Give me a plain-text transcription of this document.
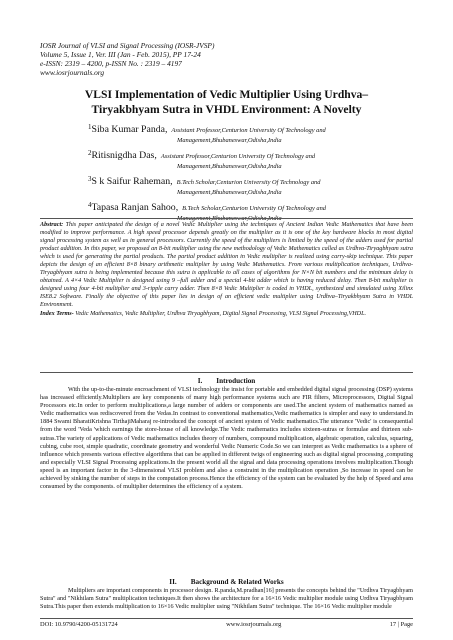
IOSR Journal of VLSI and Signal Processing (IOSR-JVSP)
Volume 5, Issue 1, Ver. III (Jan - Feb. 2015), PP 17-24
e-ISSN: 2319 – 4200, p-ISSN No. : 2319 – 4197
www.iosrjournals.org
VLSI Implementation of Vedic Multiplier Using Urdhva–
Tiryakbhyam Sutra in VHDL Environment: A Novelty
$^1$Siba Kumar Panda, Assistant Professor,Centurion University Of Technology and
Management,Bhubaneswar,Odisha,India
$^2$Ritisnigdha Das, Assistant Professor,Centurion University Of Technology and
Management,Bhubaneswar,Odisha,India
$^3$S k Saifur Raheman, B.Tech Scholar,Centurion University Of Technology and
Management,Bhubaneswar,Odisha,India
$^4$Tapasa Ranjan Sahoo, B.Tech Scholar,Centurion University Of Technology and
Management,Bhubaneswar,Odisha,India

Abstract: This paper anticipated the design of a novel Vedic Multiplier using the techniques of Ancient Indian Vedic Mathematics that have been modified to improve performance. A high speed processor depends greatly on the multiplier as it is one of the key hardware blocks in most digital signal processing system as well as in general processors. Currently the speed of the multipliers is limited by the speed of the adders used for partial product addition. In this paper, we proposed an 8-bit multiplier using the new methodology of Vedic Mathematics called as Urdhva-Tiryagbhyam sutra which is used for generating the partial products. The partial product addition in Vedic multiplier is realized using carry-skip technique. This paper depicts the design of an efficient 8×8 binary arithmetic multiplier by using Vedic Mathematics. From various multiplication techniques, Urdhva-Tiryagbhyam sutra is being implemented because this sutra is applicable to all cases of algorithms for N×N bit numbers and the minimum delay is obtained. A 4×4 Vedic Multiplier is designed using 9 –full adder and a special 4-bit adder which is having reduced delay. Then 8-bit multiplier is designed using four 4-bit multiplier and 3-ripple carry adder. Then 8×8 Vedic Multiplier is coded in VHDL, synthesized and simulated using Xilinx ISE8.2 Software. Finally the objective of this paper lies in design of an efficient vedic multiplier using Urdhva–Tiryakbhyam Sutra in VHDL Environment.

Index Terms- Vedic Mathematics, Vedic Multiplier, Urdhva Tiryagbhyam, Digital Signal Processing, VLSI Signal Processing,VHDL.

I. Introduction

With the up-to-the-minute encroachment of VLSI technology the insist for portable and embedded digital signal processing (DSP) systems has increased efficiently.Multipliers are key components of many high performance systems such are FIR filters, Microprocessors, Digital Signal Processors etc.In order to perform multiplications,a large number of adders or components are used.The ancient system of mathematics named as Vedic mathematics was rediscovered from the Vedas.In contrast to conventional mathematics,Vedic mathematics is simpler and easy to understand.In 1884 Swami BharatiKrishna TirthajiMaharaj re-introduced the concept of ancient system of Vedic mathematics.The utterance 'Vedic' is consequential from the word 'Veda 'which earnings the store-house of all knowledge.The Vedic mathematics includes sixteen-sutras or formulae and thirteen sub-sutras.The variety of applications of Vedic mathematics includes theory of numbers, compound multiplication, algebraic operation, calculus, squaring, cubing, cube root, simple quadratic, coordinate geometry and wonderful Vedic Numeric Code.So we can interpret as Vedic mathematics is a sphere of influence which presents various effective algorithms that can be applied in different twigs of engineering such as digital signal processing ,computing and especially VLSI Signal Processing applications.In the present world all the signal and data processing operations involves multiplication.Though speed is an important factor in the 3-dimensional VLSI problem and also a constraint in the multiplication operation ,So increase in speed can be achieved by sinking the number of steps in the computation process.Hence the efficiency of the system can be evaluated by the help of Speed and area consumed by the components. of multiplier determines the efficiency of a system.

II. Background & Related Works

Multipliers are important components in processor design. R.panda,M.pradhan[16] presents the concepts behind the "Urdhva Tiryagbhyam Sutra" and "Nikhilam Sutra" multiplication techniques.It then shows the architecture for a 16×16 Vedic multiplier module using Urdhva Tiryagbhyam Sutra.This paper then extends multiplication to 16×16 Vedic multiplier using "Nikhilam Sutra" technique. The 16×16 Vedic multiplier module

DOI: 10.9790/4200-05131724	www.iosrjournals.org	17 | Page
